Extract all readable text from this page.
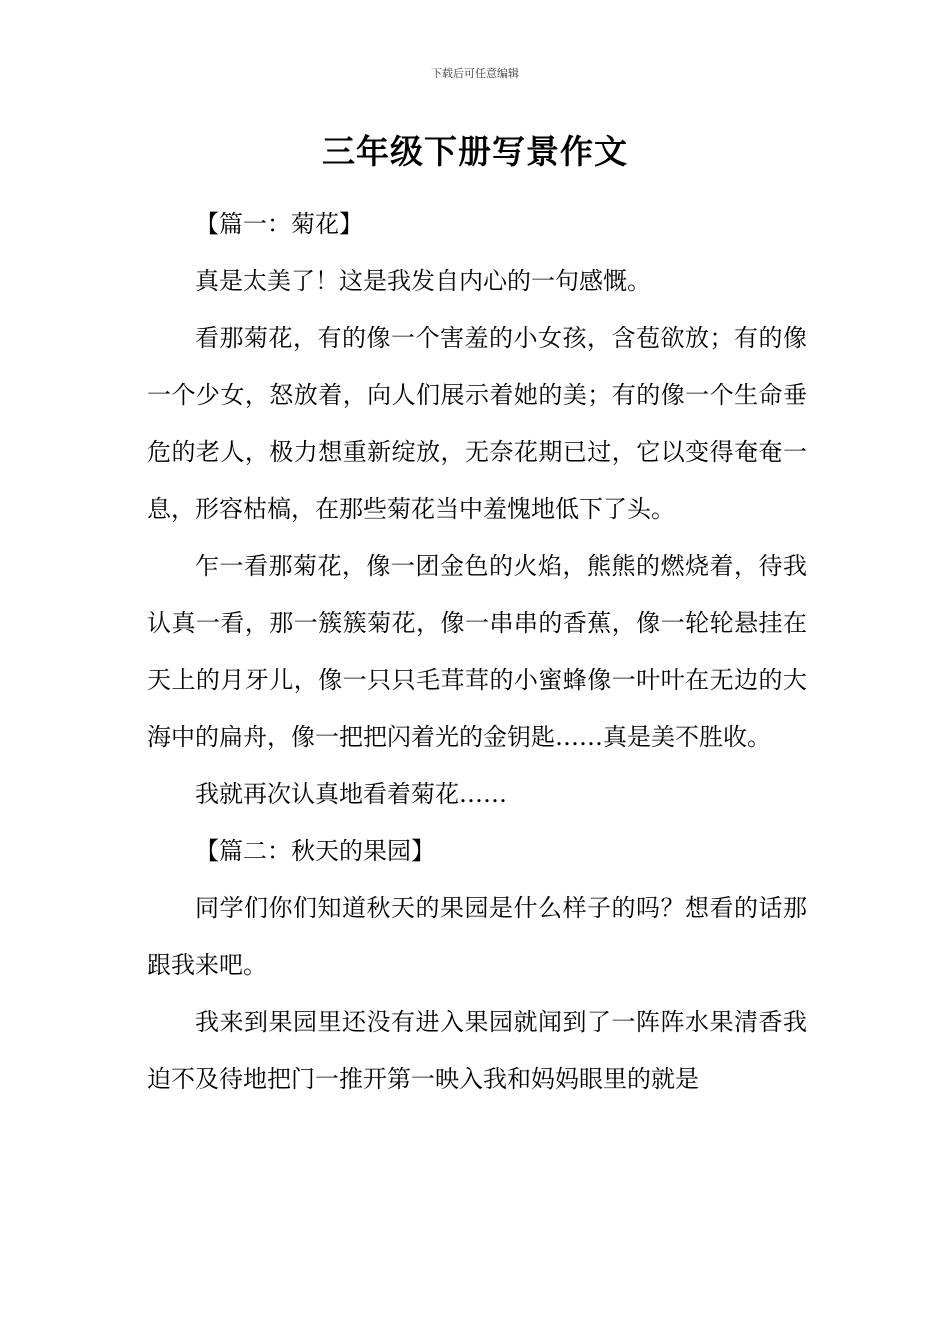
下载后可任意编辑
三年级下册写景作文

【篇一：菊花】

真是太美了！这是我发自内心的一句感慨。

看那菊花，有的像一个害羞的小女孩，含苞欲放；有的像一个少女，怒放着，向人们展示着她的美；有的像一个生命垂危的老人，极力想重新绽放，无奈花期已过，它以变得奄奄一息，形容枯槁，在那些菊花当中羞愧地低下了头。

乍一看那菊花，像一团金色的火焰，熊熊的燃烧着，待我认真一看，那一簇簇菊花，像一串串的香蕉，像一轮轮悬挂在天上的月牙儿，像一只只毛茸茸的小蜜蜂像一叶叶在无边的大海中的扁舟，像一把把闪着光的金钥匙……真是美不胜收。

我就再次认真地看着菊花……

【篇二：秋天的果园】

同学们你们知道秋天的果园是什么样子的吗？想看的话那跟我来吧。

我来到果园里还没有进入果园就闻到了一阵阵水果清香我迫不及待地把门一推开第一映入我和妈妈眼里的就是
